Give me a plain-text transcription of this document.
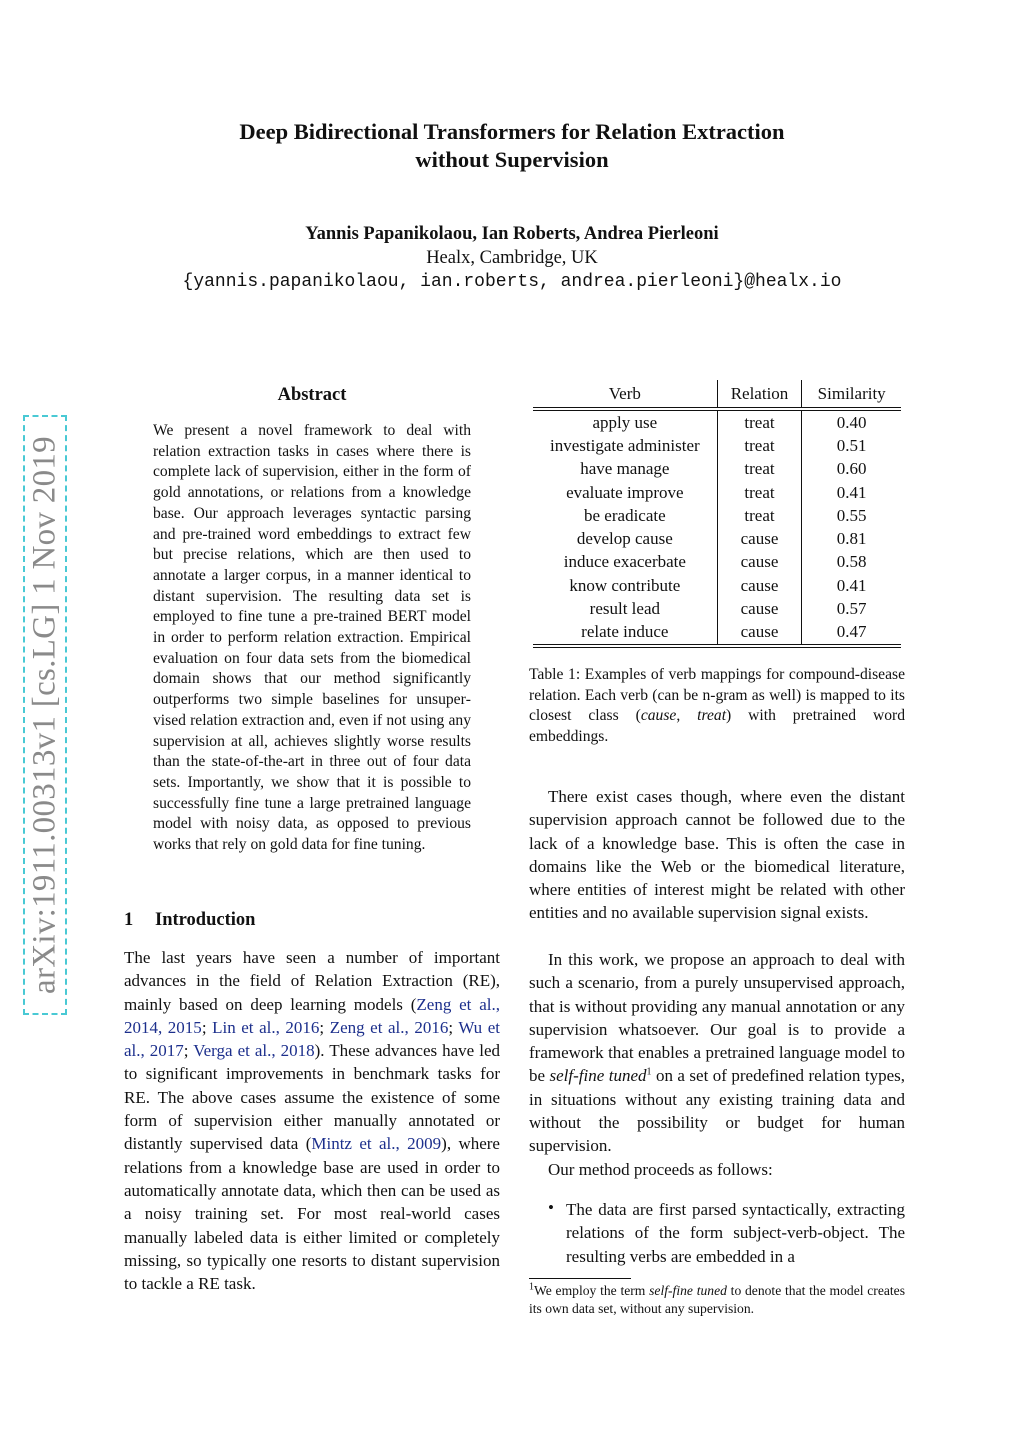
arXiv:1911.00313v1 [cs.LG] 1 Nov 2019
Deep Bidirectional Transformers for Relation Extraction
without Supervision
Yannis Papanikolaou, Ian Roberts, Andrea Pierleoni
Healx, Cambridge, UK
{yannis.papanikolaou, ian.roberts, andrea.pierleoni}@healx.io
Abstract
We present a novel framework to deal with relation extraction tasks in cases where there is complete lack of supervision, either in the form of gold annotations, or relations from a knowledge base. Our approach leverages syntactic parsing and pre-trained word embeddings to extract few but precise relations, which are then used to annotate a larger corpus, in a manner identical to distant supervision. The resulting data set is employed to fine tune a pre-trained BERT model in order to perform relation extraction. Empirical evaluation on four data sets from the biomedical domain shows that our method significantly outperforms two simple baselines for unsupervised relation extraction and, even if not using any supervision at all, achieves slightly worse results than the state-of-the-art in three out of four data sets. Importantly, we show that it is possible to successfully fine tune a large pretrained language model with noisy data, as opposed to previous works that rely on gold data for fine tuning.
1 Introduction
The last years have seen a number of important advances in the field of Relation Extraction (RE), mainly based on deep learning models (Zeng et al., 2014, 2015; Lin et al., 2016; Zeng et al., 2016; Wu et al., 2017; Verga et al., 2018). These advances have led to significant improvements in benchmark tasks for RE. The above cases assume the existence of some form of supervision either manually annotated or distantly supervised data (Mintz et al., 2009), where relations from a knowledge base are used in order to automatically annotate data, which then can be used as a noisy training set. For most real-world cases manually labeled data is either limited or completely missing, so typically one resorts to distant supervision to tackle a RE task.
Verb	Relation	Similarity
apply use	treat	0.40
investigate administer	treat	0.51
have manage	treat	0.60
evaluate improve	treat	0.41
be eradicate	treat	0.55
develop cause	cause	0.81
induce exacerbate	cause	0.58
know contribute	cause	0.41
result lead	cause	0.57
relate induce	cause	0.47
Table 1: Examples of verb mappings for compound-disease relation. Each verb (can be n-gram as well) is mapped to its closest class (cause, treat) with pretrained word embeddings.
There exist cases though, where even the distant supervision approach cannot be followed due to the lack of a knowledge base. This is often the case in domains like the Web or the biomedical literature, where entities of interest might be related with other entities and no available supervision signal exists.
In this work, we propose an approach to deal with such a scenario, from a purely unsupervised approach, that is without providing any manual annotation or any supervision whatsoever. Our goal is to provide a framework that enables a pretrained language model to be self-fine tuned$^1$ on a set of predefined relation types, in situations without any existing training data and without the possibility or budget for human supervision.
Our method proceeds as follows:
• The data are first parsed syntactically, extracting relations of the form subject-verb-object. The resulting verbs are embedded in a
$^1$We employ the term self-fine tuned to denote that the model creates its own data set, without any supervision.
